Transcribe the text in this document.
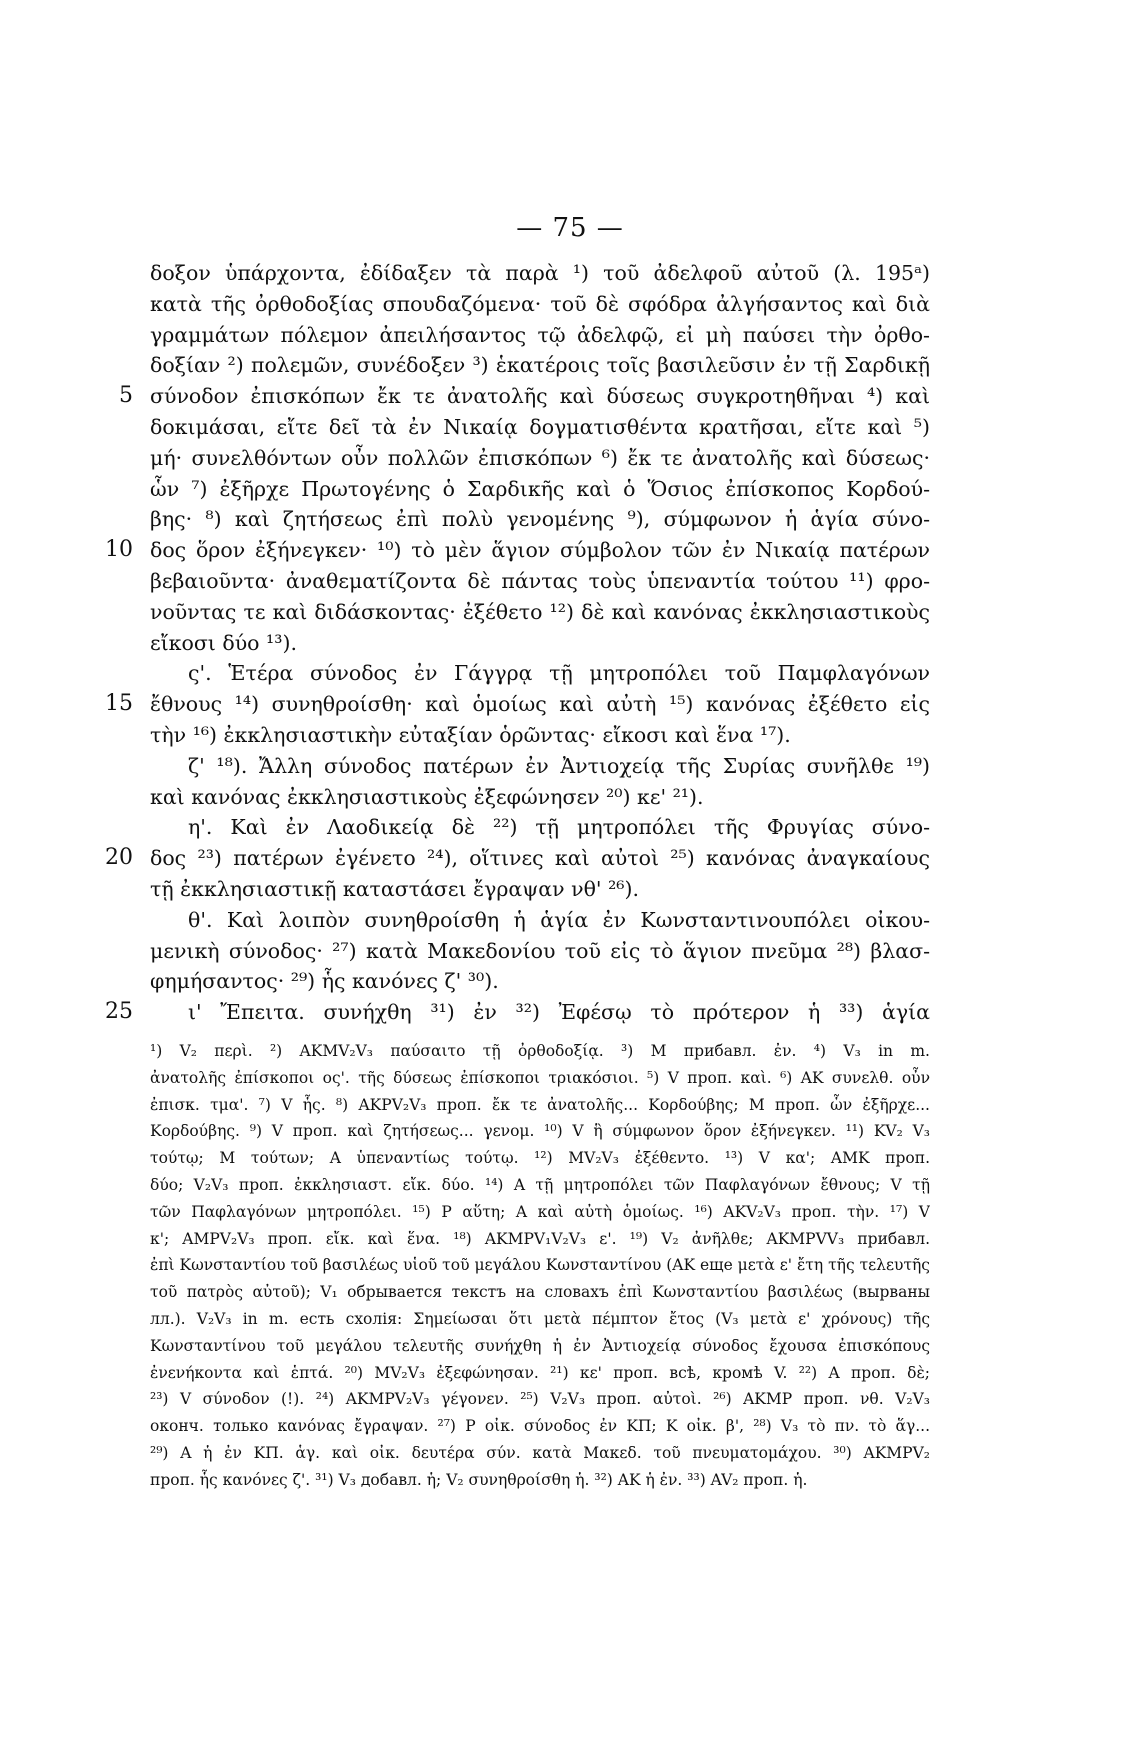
— 75 —
δοξον ὑπάρχοντα, ἐδίδαξεν τὰ παρὰ ¹) τοῦ ἀδελφοῦ αὐτοῦ (λ. 195ᵃ)
κατὰ τῆς ὀρθοδοξίας σπουδαζόμενα· τοῦ δὲ σφόδρα ἀλγήσαντος καὶ διὰ
γραμμάτων πόλεμον ἀπειλήσαντος τῷ ἀδελφῷ, εἰ μὴ παύσει τὴν ὀρθο-
δοξίαν ²) πολεμῶν, συνέδοξεν ³) ἑκατέροις τοῖς βασιλεῦσιν ἐν τῇ Σαρδικῇ
5 σύνοδον ἐπισκόπων ἔκ τε ἀνατολῆς καὶ δύσεως συγκροτηθῆναι ⁴) καὶ
δοκιμάσαι, εἴτε δεῖ τὰ ἐν Νικαίᾳ δογματισθέντα κρατῆσαι, εἴτε καὶ ⁵)
μή· συνελθόντων οὖν πολλῶν ἐπισκόπων ⁶) ἔκ τε ἀνατολῆς καὶ δύσεως·
ὧν ⁷) ἐξῆρχε Πρωτογένης ὁ Σαρδικῆς καὶ ὁ Ὅσιος ἐπίσκοπος Κορδού-
βης· ⁸) καὶ ζητήσεως ἐπὶ πολὺ γενομένης ⁹), σύμφωνον ἡ ἁγία σύνο-
10 δος ὅρον ἐξήνεγκεν· ¹⁰) τὸ μὲν ἅγιον σύμβολον τῶν ἐν Νικαίᾳ πατέρων
βεβαιοῦντα· ἀναθεματίζοντα δὲ πάντας τοὺς ὑπεναντία τούτου ¹¹) φρο-
νοῦντας τε καὶ διδάσκοντας· ἐξέθετο ¹²) δὲ καὶ κανόνας ἐκκλησιαστικοὺς
εἴκοσι δύο ¹³).
ς'. Ἑτέρα σύνοδος ἐν Γάγγρᾳ τῇ μητροπόλει τοῦ Παμφλαγόνων
15 ἔθνους ¹⁴) συνηθροίσθη· καὶ ὁμοίως καὶ αὐτὴ ¹⁵) κανόνας ἐξέθετο εἰς
τὴν ¹⁶) ἐκκλησιαστικὴν εὐταξίαν ὁρῶντας· εἴκοσι καὶ ἕνα ¹⁷).
ζ' ¹⁸). Ἄλλη σύνοδος πατέρων ἐν Ἀντιοχείᾳ τῆς Συρίας συνῆλθε ¹⁹)
καὶ κανόνας ἐκκλησιαστικοὺς ἐξεφώνησεν ²⁰) κε' ²¹).
η'. Καὶ ἐν Λαοδικείᾳ δὲ ²²) τῇ μητροπόλει τῆς Φρυγίας σύνο-
20 δος ²³) πατέρων ἐγένετο ²⁴), οἵτινες καὶ αὐτοὶ ²⁵) κανόνας ἀναγκαίους
τῇ ἐκκλησιαστικῇ καταστάσει ἔγραψαν νθ' ²⁶).
θ'. Καὶ λοιπὸν συνηθροίσθη ἡ ἁγία ἐν Κωνσταντινουπόλει οἰκου-
μενικὴ σύνοδος· ²⁷) κατὰ Μακεδονίου τοῦ εἰς τὸ ἅγιον πνεῦμα ²⁸) βλασ-
φημήσαντος· ²⁹) ἧς κανόνες ζ' ³⁰).
25	ι' Ἔπειτα. συνήχθη ³¹) ἐν ³²) Ἐφέσῳ τὸ πρότερον ἡ ³³) ἁγία
¹) V₂ περὶ. ²) AKMV₂V₃ παύσαιτο τῇ ὀρθοδοξίᾳ. ³) M прибавл. ἐν. ⁴) V₃ in m.
ἀνατολῆς ἐπίσκοποι ος'. τῆς δύσεως ἐπίσκοποι τριακόσιοι. ⁵) V проп. καὶ. ⁶) AK συνελθ. οὖν
ἐπισκ. τμα'. ⁷) V ἧς. ⁸) AKPV₂V₃ проп. ἔκ τε ἀνατολῆς... Κορδούβης; M проп. ὧν ἐξῆρχε...
Κορδούβης. ⁹) V проп. καὶ ζητήσεως... γενομ. ¹⁰) V ἣ σύμφωνον ὅρον ἐξήνεγκεν. ¹¹) KV₂ V₃
τούτῳ; M τούτων; A ὑπεναντίως τούτῳ. ¹²) MV₂V₃ ἐξέθεντο. ¹³) V κα'; AMK проп.
δύο; V₂V₃ проп. ἐκκλησιαστ. εἴκ. δύο. ¹⁴) A τῇ μητροπόλει τῶν Παφλαγόνων ἔθνους; V τῇ
τῶν Παφλαγόνων μητροπόλει. ¹⁵) P αὕτη; A καὶ αὐτὴ ὁμοίως. ¹⁶) AKV₂V₃ проп. τὴν. ¹⁷) V
κ'; AMPV₂V₃ проп. εἴκ. καὶ ἕνα. ¹⁸) AKMPV₁V₂V₃ ε'. ¹⁹) V₂ ἀνῆλθε; AKMPVV₃ прибавл.
ἐπὶ Κωνσταντίου τοῦ βασιλέως υἱοῦ τοῦ μεγάλου Κωνσταντίνου (AK еще μετὰ ε' ἔτη τῆς τελευτῆς
τοῦ πατρὸς αὐτοῦ); V₁ обрывается текстъ на словахъ ἐπὶ Κωνσταντίου βασιλέως (вырваны
лл.). V₂V₃ in m. есть схолія: Σημείωσαι ὅτι μετὰ πέμπτον ἔτος (V₃ μετὰ ε' χρόνους) τῆς
Κωνσταντίνου τοῦ μεγάλου τελευτῆς συνήχθη ἡ ἐν Ἀντιοχείᾳ σύνοδος ἔχουσα ἐπισκόπους
ἐνενήκοντα καὶ ἑπτά. ²⁰) MV₂V₃ ἐξεφώνησαν. ²¹) κε' проп. всѣ, кромѣ V. ²²) A проп. δὲ;
²³) V σύνοδον (!). ²⁴) AKMPV₂V₃ γέγονεν. ²⁵) V₂V₃ проп. αὐτοὶ. ²⁶) AKMP проп. νθ. V₂V₃
оконч. только κανόνας ἔγραψαν. ²⁷) P οἰκ. σύνοδος ἐν ΚΠ; K οἰκ. β', ²⁸) V₃ τὸ πν. τὸ ἅγ...
²⁹) A ἡ ἐν ΚΠ. ἁγ. καὶ οἰκ. δευτέρα σύν. κατὰ Μακεδ. τοῦ πνευματομάχου. ³⁰) AKMPV₂
проп. ἧς κανόνες ζ'. ³¹) V₃ добавл. ἡ; V₂ συνηθροίσθη ἡ. ³²) AK ἡ ἐν. ³³) AV₂ проп. ἡ.
